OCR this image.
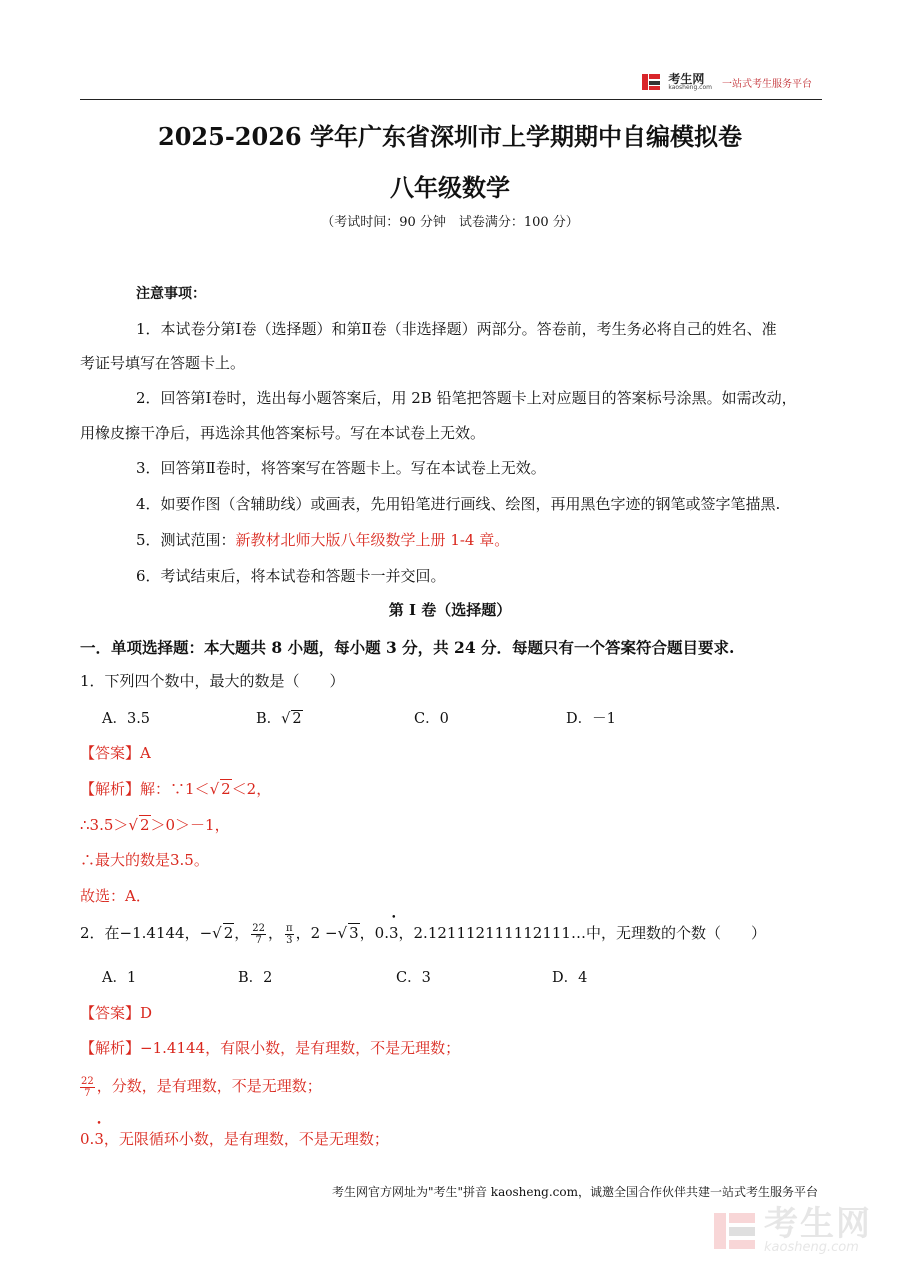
考生网
kaosheng.com 一站式考生服务平台
2025-2026 学年广东省深圳市上学期期中自编模拟卷
八年级数学
（考试时间：90 分钟　试卷满分：100 分）
注意事项：
1．本试卷分第Ⅰ卷（选择题）和第Ⅱ卷（非选择题）两部分。答卷前，考生务必将自己的姓名、准
考证号填写在答题卡上。
2．回答第Ⅰ卷时，选出每小题答案后，用 2B 铅笔把答题卡上对应题目的答案标号涂黑。如需改动，
用橡皮擦干净后，再选涂其他答案标号。写在本试卷上无效。
3．回答第Ⅱ卷时，将答案写在答题卡上。写在本试卷上无效。
4．如要作图（含辅助线）或画表，先用铅笔进行画线、绘图，再用黑色字迹的钢笔或签字笔描黑.
5．测试范围：新教材北师大版八年级数学上册 1-4 章。
6．考试结束后，将本试卷和答题卡一并交回。
第 I 卷（选择题）
一．单项选择题：本大题共 8 小题，每小题 3 分，共 24 分．每题只有一个答案符合题目要求.
1．下列四个数中，最大的数是（　　）
A．3.5	B．√ 2	C．0	D．－1
【答案】A
【解析】解：∵1＜√ 2＜2，
∴3.5＞√ 2＞0＞－1，
∴最大的数是3.5。
故选：A．
2．在−1.4144，−√ 2， $\frac{22}{7}$ ， $\frac{\pi}{3}$ ，2 −√ 3，0.• 3，2.121112111112111…中，无理数的个数（　　）
A．1	B．2	C．3	D．4
【答案】D
【解析】−1.4144，有限小数，是有理数，不是无理数；
$\frac{22}{7}$ ，分数，是有理数，不是无理数；
0.• 3，无限循环小数，是有理数，不是无理数；
考生网官方网址为"考生"拼音 kaosheng.com，诚邀全国合作伙伴共建一站式考生服务平台
考生网
kaosheng.com
